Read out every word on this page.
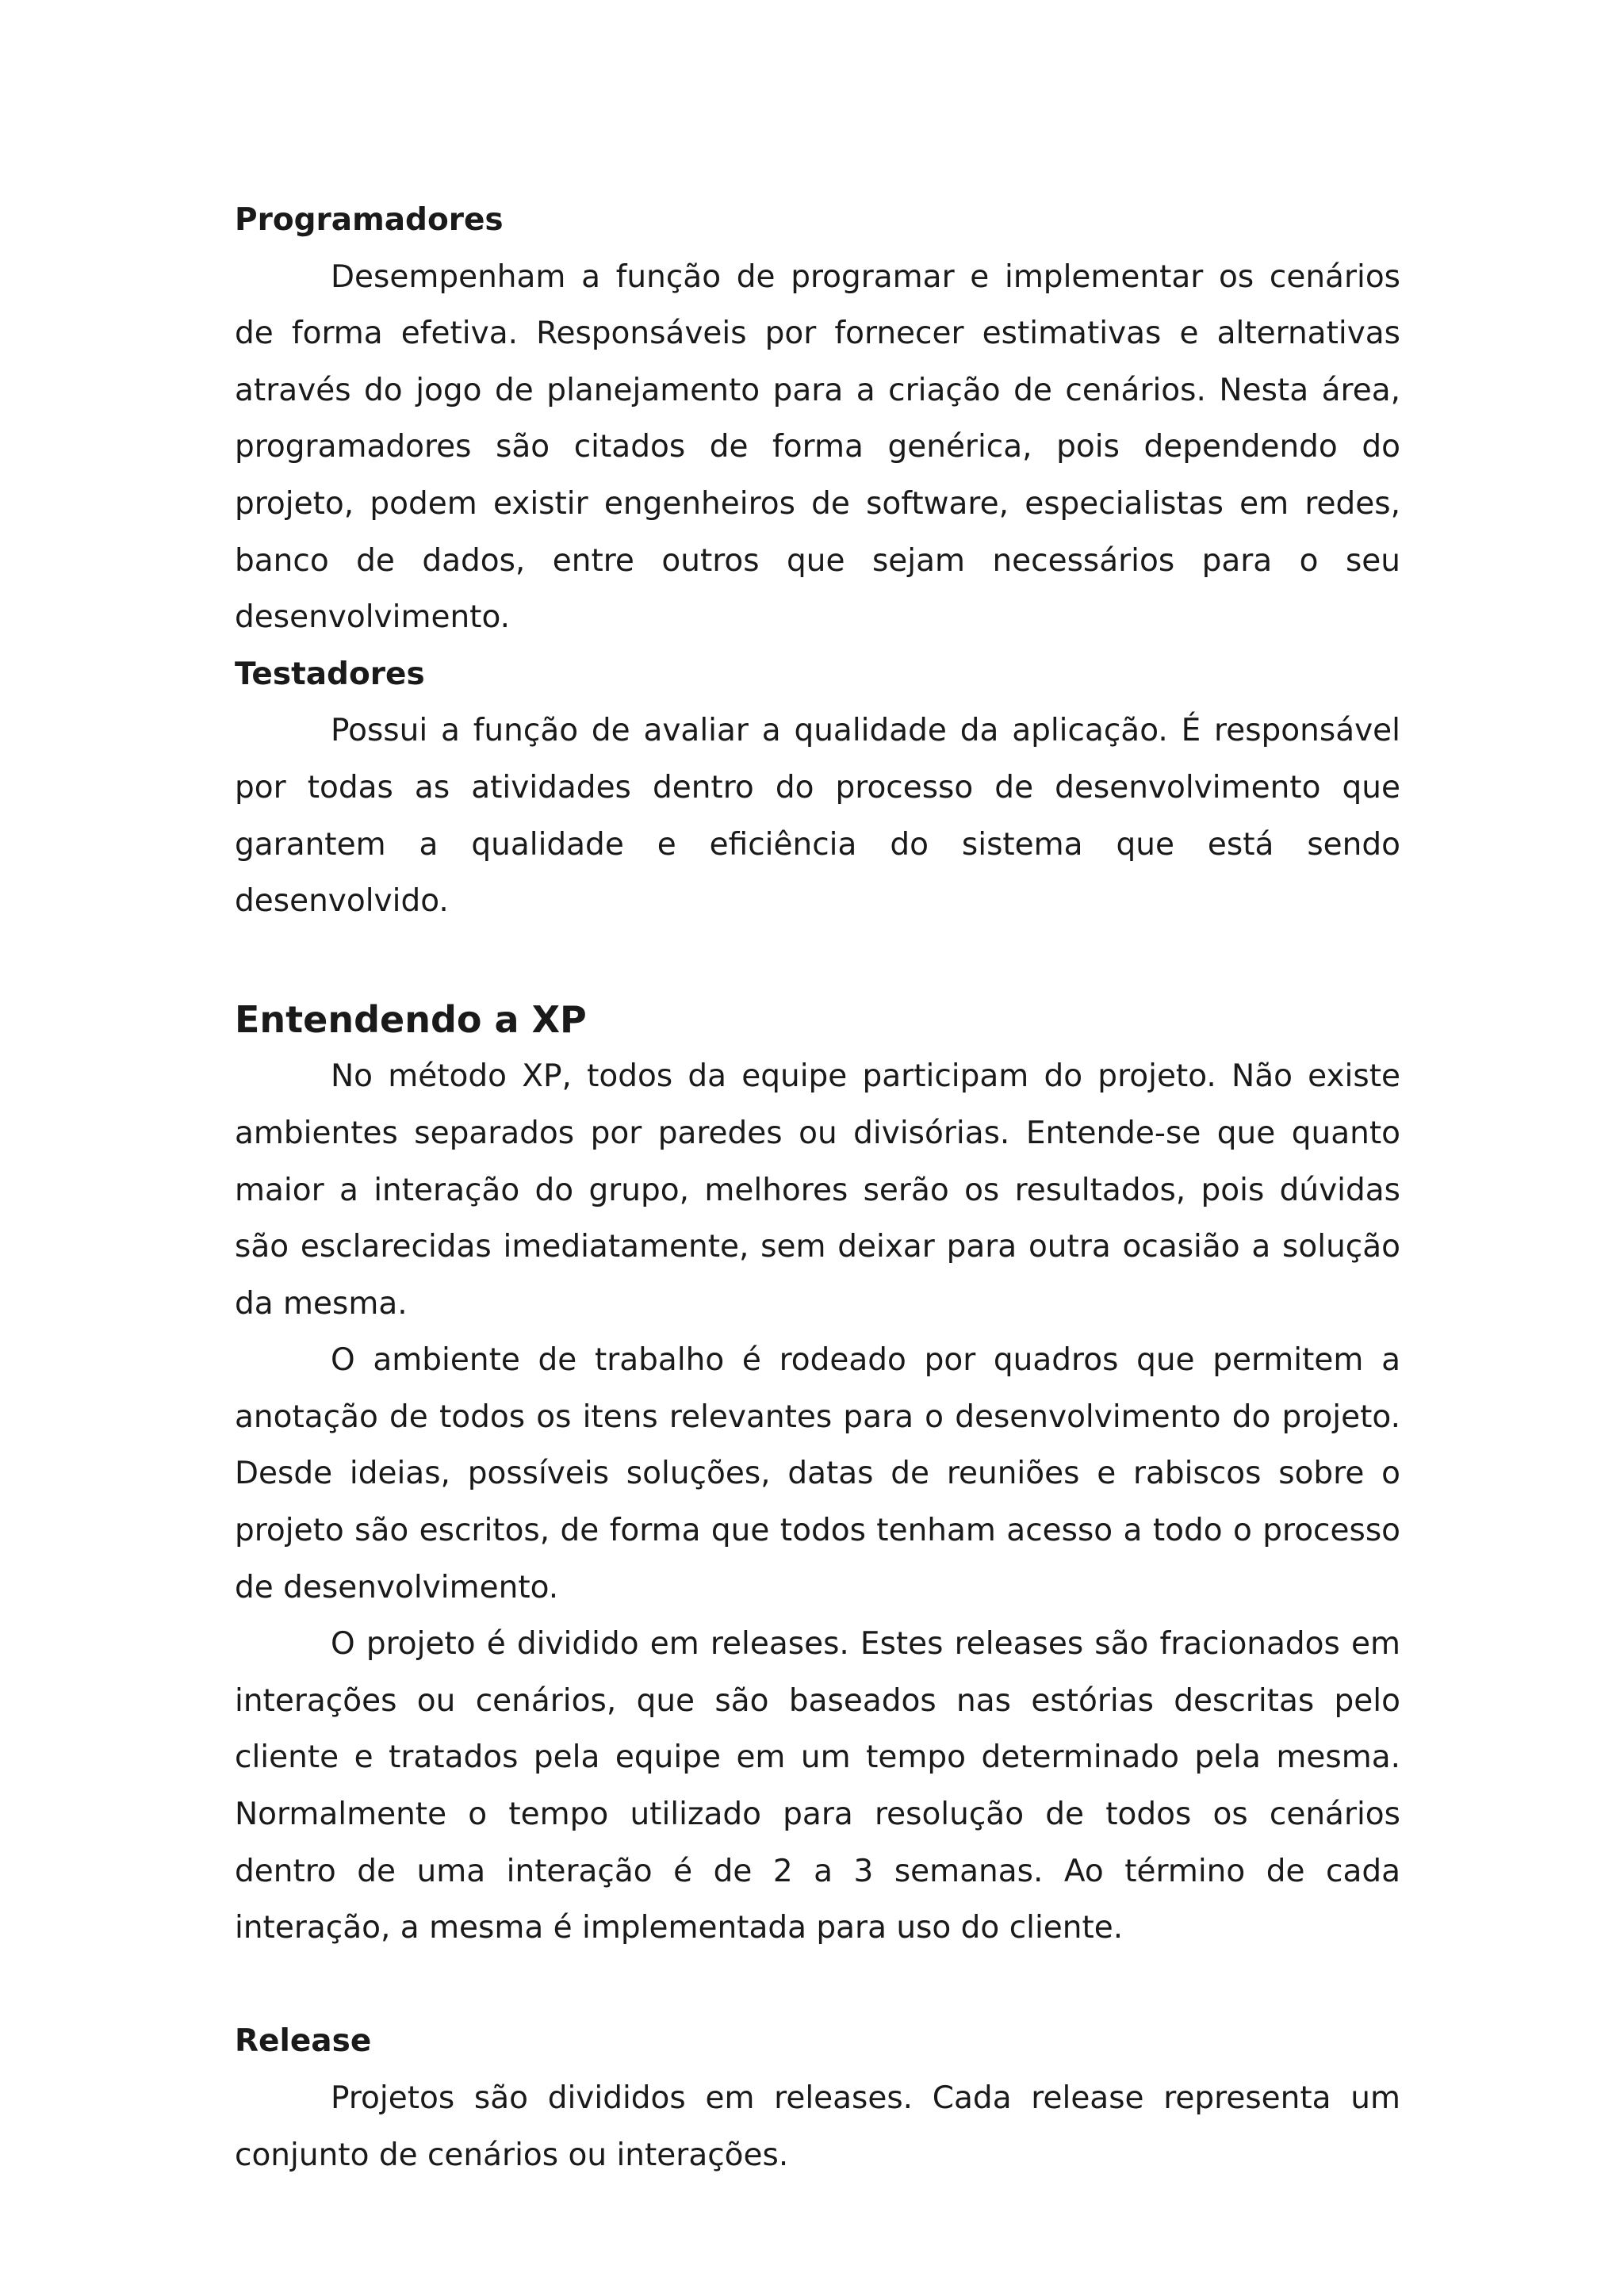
Programadores

Desempenham a função de programar e implementar os cenários de forma efetiva. Responsáveis por fornecer estimativas e alternativas através do jogo de planejamento para a criação de cenários. Nesta área, programadores são citados de forma genérica, pois dependendo do projeto, podem existir engenheiros de software, especialistas em redes, banco de dados, entre outros que sejam necessários para o seu desenvolvimento.

Testadores

Possui a função de avaliar a qualidade da aplicação. É responsável por todas as atividades dentro do processo de desenvolvimento que garantem a qualidade e eficiência do sistema que está sendo desenvolvido.

Entendendo a XP

No método XP, todos da equipe participam do projeto. Não existe ambientes separados por paredes ou divisórias. Entende-se que quanto maior a interação do grupo, melhores serão os resultados, pois dúvidas são esclarecidas imediatamente, sem deixar para outra ocasião a solução da mesma.

O ambiente de trabalho é rodeado por quadros que permitem a anotação de todos os itens relevantes para o desenvolvimento do projeto. Desde ideias, possíveis soluções, datas de reuniões e rabiscos sobre o projeto são escritos, de forma que todos tenham acesso a todo o processo de desenvolvimento.

O projeto é dividido em releases. Estes releases são fracionados em interações ou cenários, que são baseados nas estórias descritas pelo cliente e tratados pela equipe em um tempo determinado pela mesma. Normalmente o tempo utilizado para resolução de todos os cenários dentro de uma interação é de 2 a 3 semanas. Ao término de cada interação, a mesma é implementada para uso do cliente.

Release

Projetos são divididos em releases. Cada release representa um conjunto de cenários ou interações.
